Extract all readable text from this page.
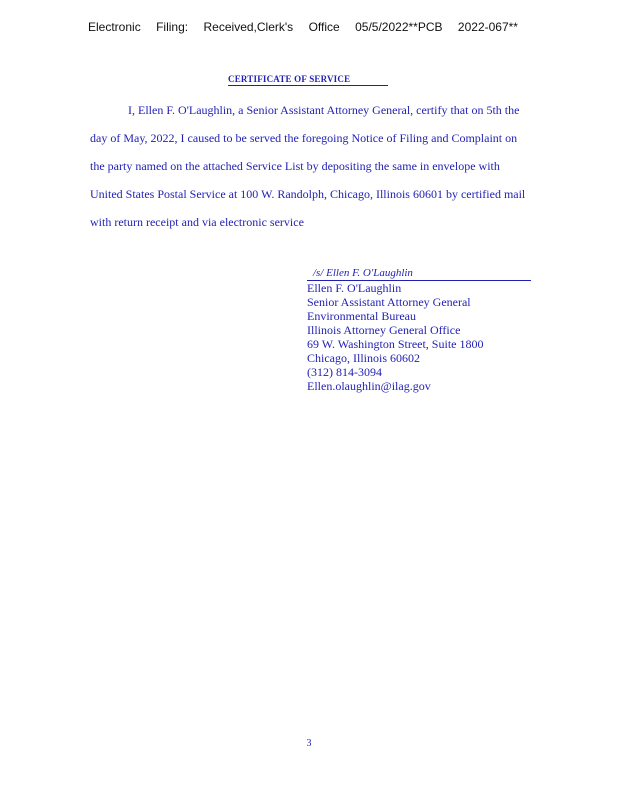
Electronic Filing: Received,Clerk's Office 05/5/2022**PCB 2022-067**
CERTIFICATE OF SERVICE

I, Ellen F. O'Laughlin, a Senior Assistant Attorney General, certify that on 5th the day of May, 2022, I caused to be served the foregoing Notice of Filing and Complaint on the party named on the attached Service List by depositing the same in envelope with United States Postal Service at 100 W. Randolph, Chicago, Illinois 60601 by certified mail with return receipt and via electronic service

/s/ Ellen F. O'Laughlin
Ellen F. O'Laughlin
Senior Assistant Attorney General
Environmental Bureau
Illinois Attorney General Office
69 W. Washington Street, Suite 1800
Chicago, Illinois 60602
(312) 814-3094
Ellen.olaughlin@ilag.gov
3
